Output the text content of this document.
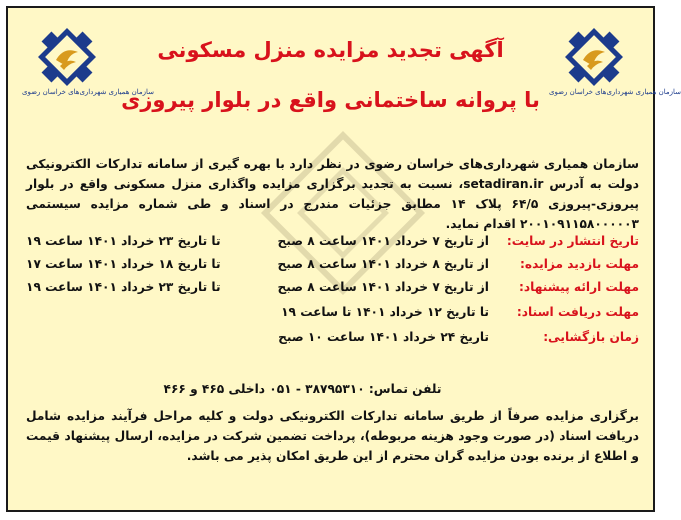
سازمان همیاری شهرداری‌های خراسان رضوی
سازمان همیاری شهرداری‌های خراسان رضوی
آگهی تجدید مزایده منزل مسکونی
با پروانه ساختمانی واقع در بلوار پیروزی
سازمان همیاری شهرداری‌های خراسان رضوی در نظر دارد با بهره گیری از سامانه تدارکات الکترونیکی دولت به آدرس setadiran.ir، نسبت به تجدید برگزاری مزایده واگذاری منزل مسکونی واقع در بلوار پیروزی-پیروزی ۶۴/۵ پلاک ۱۴ مطابق جزئیات مندرج در اسناد و طی شماره مزایده سیستمی ۲۰۰۱۰۹۱۱۵۸۰۰۰۰۰۳ اقدام نماید.
تاریخ انتشار در سایت:
از تاریخ ۷ خرداد ۱۴۰۱ ساعت ۸ صبح
تا تاریخ ۲۳ خرداد ۱۴۰۱ ساعت ۱۹
مهلت بازدید مزایده:
از تاریخ ۸ خرداد ۱۴۰۱ ساعت ۸ صبح
تا تاریخ ۱۸ خرداد ۱۴۰۱ ساعت ۱۷
مهلت ارائه پیشنهاد:
از تاریخ ۷ خرداد ۱۴۰۱ ساعت ۸ صبح
تا تاریخ ۲۳ خرداد ۱۴۰۱ ساعت ۱۹
مهلت دریافت اسناد:
تا تاریخ ۱۲ خرداد ۱۴۰۱ تا ساعت ۱۹
زمان بازگشایی:
تاریخ ۲۴ خرداد ۱۴۰۱ ساعت ۱۰ صبح
تلفن تماس: ۳۸۷۹۵۳۱۰ - ۰۵۱ داخلی ۴۶۵ و ۴۶۶
برگزاری مزایده صرفاً از طریق سامانه تدارکات الکترونیکی دولت و کلیه مراحل فرآیند مزایده شامل دریافت اسناد (در صورت وجود هزینه مربوطه)، پرداخت تضمین شرکت در مزایده، ارسال پیشنهاد قیمت و اطلاع از برنده بودن مزایده گران محترم از این طریق امکان پذیر می باشد.
